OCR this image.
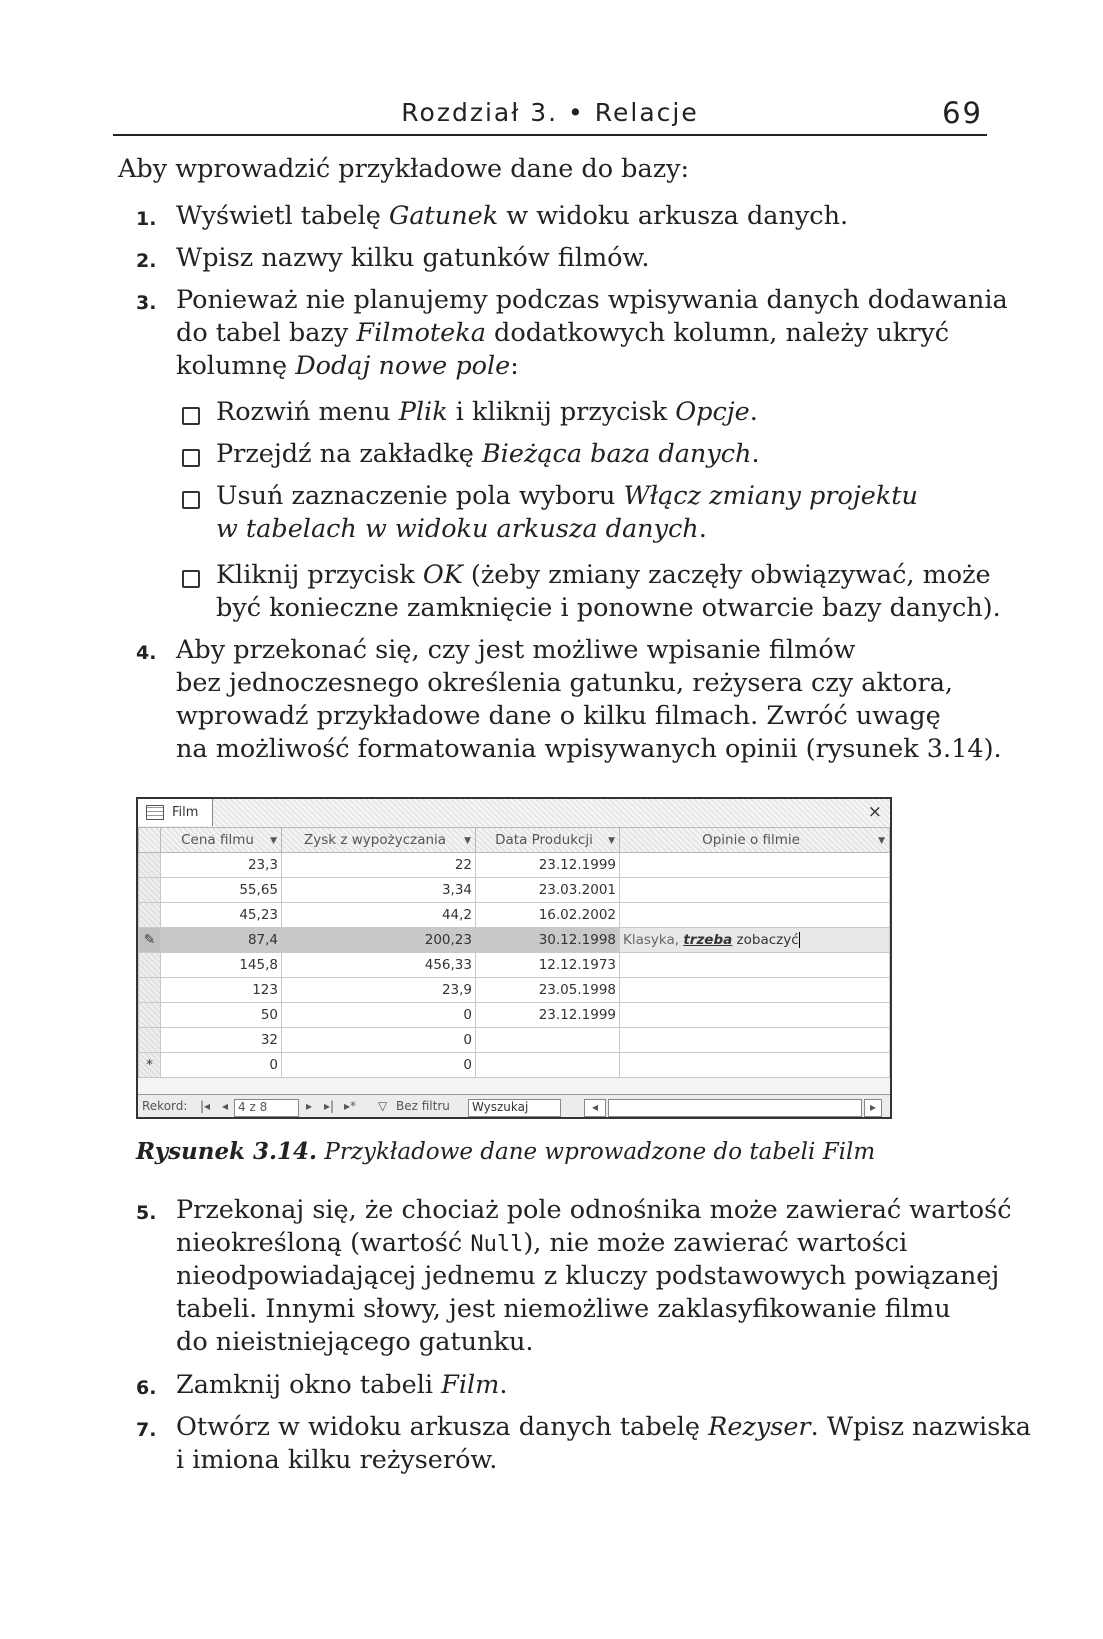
Rozdział 3. • Relacje	69
Aby wprowadzić przykładowe dane do bazy:
1. Wyświetl tabelę Gatunek w widoku arkusza danych.
2. Wpisz nazwy kilku gatunków filmów.
3. Ponieważ nie planujemy podczas wpisywania danych dodawania
do tabel bazy Filmoteka dodatkowych kolumn, należy ukryć
kolumnę Dodaj nowe pole:
Rozwiń menu Plik i kliknij przycisk Opcje.
Przejdź na zakładkę Bieżąca baza danych.
Usuń zaznaczenie pola wyboru Włącz zmiany projektu
w tabelach w widoku arkusza danych.
Kliknij przycisk OK (żeby zmiany zaczęły obwiązywać, może
być konieczne zamknięcie i ponowne otwarcie bazy danych).
4. Aby przekonać się, czy jest możliwe wpisanie filmów
bez jednoczesnego określenia gatunku, reżysera czy aktora,
wprowadź przykładowe dane o kilku filmach. Zwróć uwagę
na możliwość formatowania wpisywanych opinii (rysunek 3.14).
Film	×
	Cena filmu ▼	Zysk z wypożyczania ▼	Data Produkcji ▼	Opinie o filmie ▼

	23,3	22	23.12.1999	
	55,65	3,34	23.03.2001	
	45,23	44,2	16.02.2002	
✎	87,4	200,23	30.12.1998	Klasyka, trzeba zobaczyć
	145,8	456,33	12.12.1973	
	123	23,9	23.05.1998	
	50	0	23.12.1999	
	32	0		
*	0	0		
Rekord: |◂ ◂ 4 z 8	▸ ▸| ▸* ▽ Bez filtru	Wyszukaj	◂	▸
Rysunek 3.14. Przykładowe dane wprowadzone do tabeli Film
5. Przekonaj się, że chociaż pole odnośnika może zawierać wartość
nieokreśloną (wartość Null), nie może zawierać wartości
nieodpowiadającej jednemu z kluczy podstawowych powiązanej
tabeli. Innymi słowy, jest niemożliwe zaklasyfikowanie filmu
do nieistniejącego gatunku.
6. Zamknij okno tabeli Film.
7. Otwórz w widoku arkusza danych tabelę Rezyser. Wpisz nazwiska
i imiona kilku reżyserów.
